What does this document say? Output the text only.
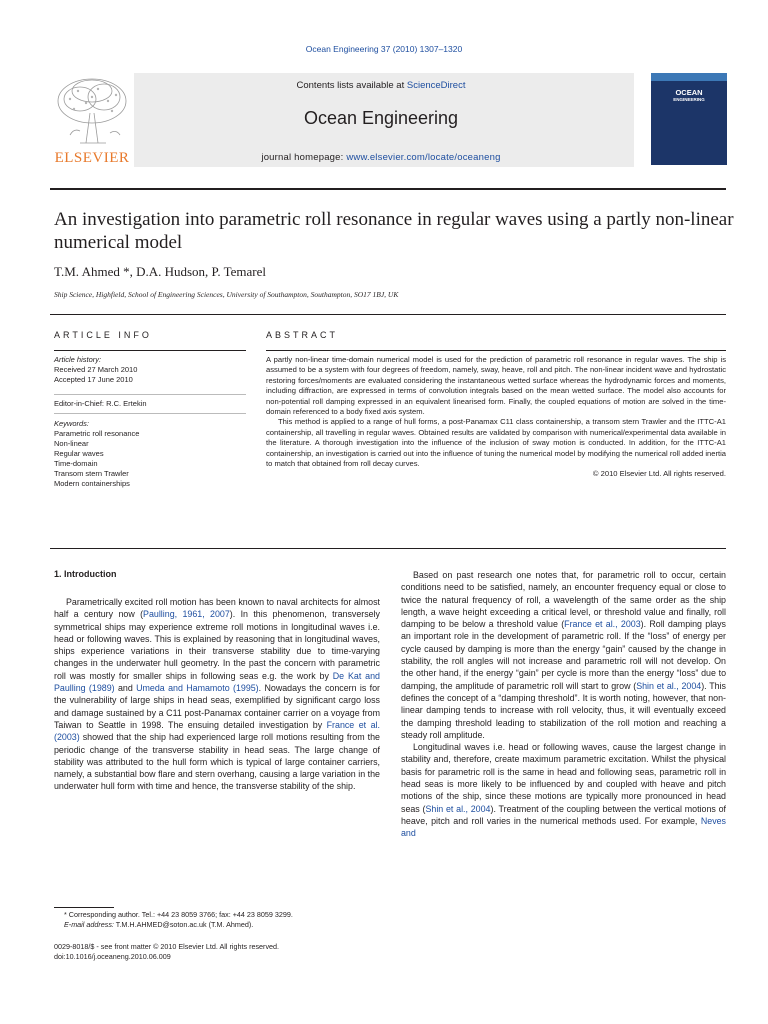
Ocean Engineering 37 (2010) 1307–1320
Contents lists available at ScienceDirect
Ocean Engineering
journal homepage: www.elsevier.com/locate/oceaneng
ELSEVIER
OCEAN
ENGINEERING
An investigation into parametric roll resonance in regular waves using a partly non-linear numerical model
T.M. Ahmed *, D.A. Hudson, P. Temarel
Ship Science, Highfield, School of Engineering Sciences, University of Southampton, Southampton, SO17 1BJ, UK
ARTICLE INFO
Article history:
Received 27 March 2010
Accepted 17 June 2010
Editor-in-Chief: R.C. Ertekin
Keywords:
Parametric roll resonance
Non-linear
Regular waves
Time-domain
Transom stern Trawler
Modern containerships
ABSTRACT

A partly non-linear time-domain numerical model is used for the prediction of parametric roll resonance in regular waves. The ship is assumed to be a system with four degrees of freedom, namely, sway, heave, roll and pitch. The non-linear incident wave and hydrostatic restoring forces/moments are evaluated considering the instantaneous wetted surface whereas the hydrodynamic forces and moments, including diffraction, are expressed in terms of convolution integrals based on the mean wetted surface. The model also accounts for non-potential roll damping expressed in an equivalent linearised form. Finally, the coupled equations of motion are solved in the time-domain referenced to a body fixed axis system.

This method is applied to a range of hull forms, a post-Panamax C11 class containership, a transom stern Trawler and the ITTC-A1 containership, all travelling in regular waves. Obtained results are validated by comparison with numerical/experimental data available in the literature. A thorough investigation into the influence of the inclusion of sway motion is conducted. In addition, for the ITTC-A1 containership, an investigation is carried out into the influence of tuning the numerical model by modifying the numerical roll added inertia to match that obtained from roll decay curves.

© 2010 Elsevier Ltd. All rights reserved.

1. Introduction

Parametrically excited roll motion has been known to naval architects for almost half a century now (Paulling, 1961, 2007). In this phenomenon, transversely symmetrical ships may experience extreme roll motions in longitudinal waves i.e. head or following waves. This is explained by reasoning that in longitudinal waves, ships experience variations in their transverse stability due to time-varying changes in the underwater hull geometry. In the past the concern with parametric roll was mostly for smaller ships in following seas e.g. the work by De Kat and Paulling (1989) and Umeda and Hamamoto (1995). Nowadays the concern is for the vulnerability of large ships in head seas, exemplified by significant cargo loss and damage sustained by a C11 post-Panamax container carrier on a voyage from Taiwan to Seattle in 1998. The ensuing detailed investigation by France et al. (2003) showed that the ship had experienced large roll motions resulting from the periodic change of the transverse stability in head seas. The large change of stability was attributed to the hull form which is typical of large container carriers, namely, a substantial bow flare and stern overhang, causing a large variation in the underwater hull form with time and hence, the transverse stability of the ship.

Based on past research one notes that, for parametric roll to occur, certain conditions need to be satisfied, namely, an encounter frequency equal or close to twice the natural frequency of roll, a wavelength of the same order as the ship length, a wave height exceeding a critical level, or threshold value and finally, roll damping to be below a threshold value (France et al., 2003). Roll damping plays an important role in the development of parametric roll. If the “loss” of energy per cycle caused by damping is more than the energy “gain” caused by the change in stability, the roll angles will not increase and parametric roll will not develop. On the other hand, if the energy “gain” per cycle is more than the energy “loss” due to damping, the amplitude of parametric roll will start to grow (Shin et al., 2004). This defines the concept of a “damping threshold”. It is worth noting, however, that non-linear damping tends to increase with roll velocity, thus, it will eventually exceed the damping threshold leading to stabilization of the roll motion and reaching a steady roll amplitude.

Longitudinal waves i.e. head or following waves, cause the largest change in stability and, therefore, create maximum parametric excitation. Whilst the physical basis for parametric roll is the same in head and following seas, parametric roll in head seas is more likely to be influenced by and coupled with heave and pitch motions of the ship, since these motions are typically more pronounced in head seas (Shin et al., 2004). Treatment of the coupling between the vertical motions of heave, pitch and roll varies in the numerical methods used. For example, Neves and

* Corresponding author. Tel.: +44 23 8059 3766; fax: +44 23 8059 3299.
E-mail address: T.M.H.AHMED@soton.ac.uk (T.M. Ahmed).
0029-8018/$ - see front matter © 2010 Elsevier Ltd. All rights reserved.
doi:10.1016/j.oceaneng.2010.06.009
